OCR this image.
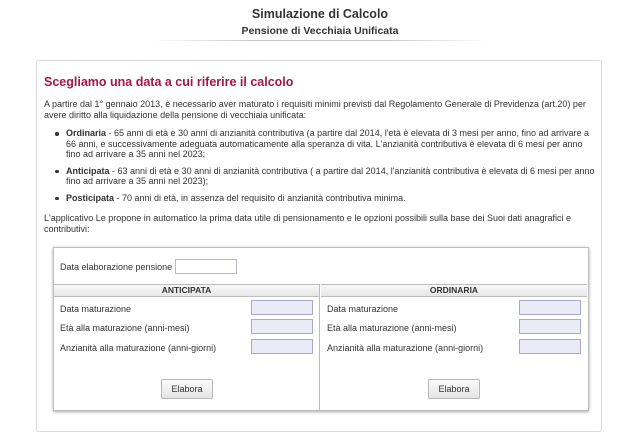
Simulazione di Calcolo
Pensione di Vecchiaia Unificata
Scegliamo una data a cui riferire il calcolo
A partire dal 1° gennaio 2013, è necessario aver maturato i requisiti minimi previsti dal Regolamento Generale di Previdenza (art.20) per avere diritto alla liquidazione della pensione di vecchiaia unificata:
Ordinaria - 65 anni di età e 30 anni di anzianità contributiva (a partire dal 2014, l'età è elevata di 3 mesi per anno, fino ad arrivare a 66 anni, e successivamente adeguata automaticamente alla speranza di vita. L'anzianità contributiva è elevata di 6 mesi per anno fino ad arrivare a 35 anni nel 2023;
Anticipata - 63 anni di età e 30 anni di anzianità contributiva ( a partire dal 2014, l'anzianità contributiva è elevata di 6 mesi per anno fino ad arrivare a 35 anni nel 2023);
Posticipata - 70 anni di età, in assenza del requisito di anzianità contributiva minima.
L'applicativo Le propone in automatico la prima data utile di pensionamento e le opzioni possibili sulla base dei Suoi dati anagrafici e contributivi:
Data elaborazione pensione
ANTICIPATA
Data maturazione
Età alla maturazione (anni-mesi)
Anzianità alla maturazione (anni-giorni)
Elabora
ORDINARIA
Data maturazione
Età alla maturazione (anni-mesi)
Anzianità alla maturazione (anni-giorni)
Elabora
